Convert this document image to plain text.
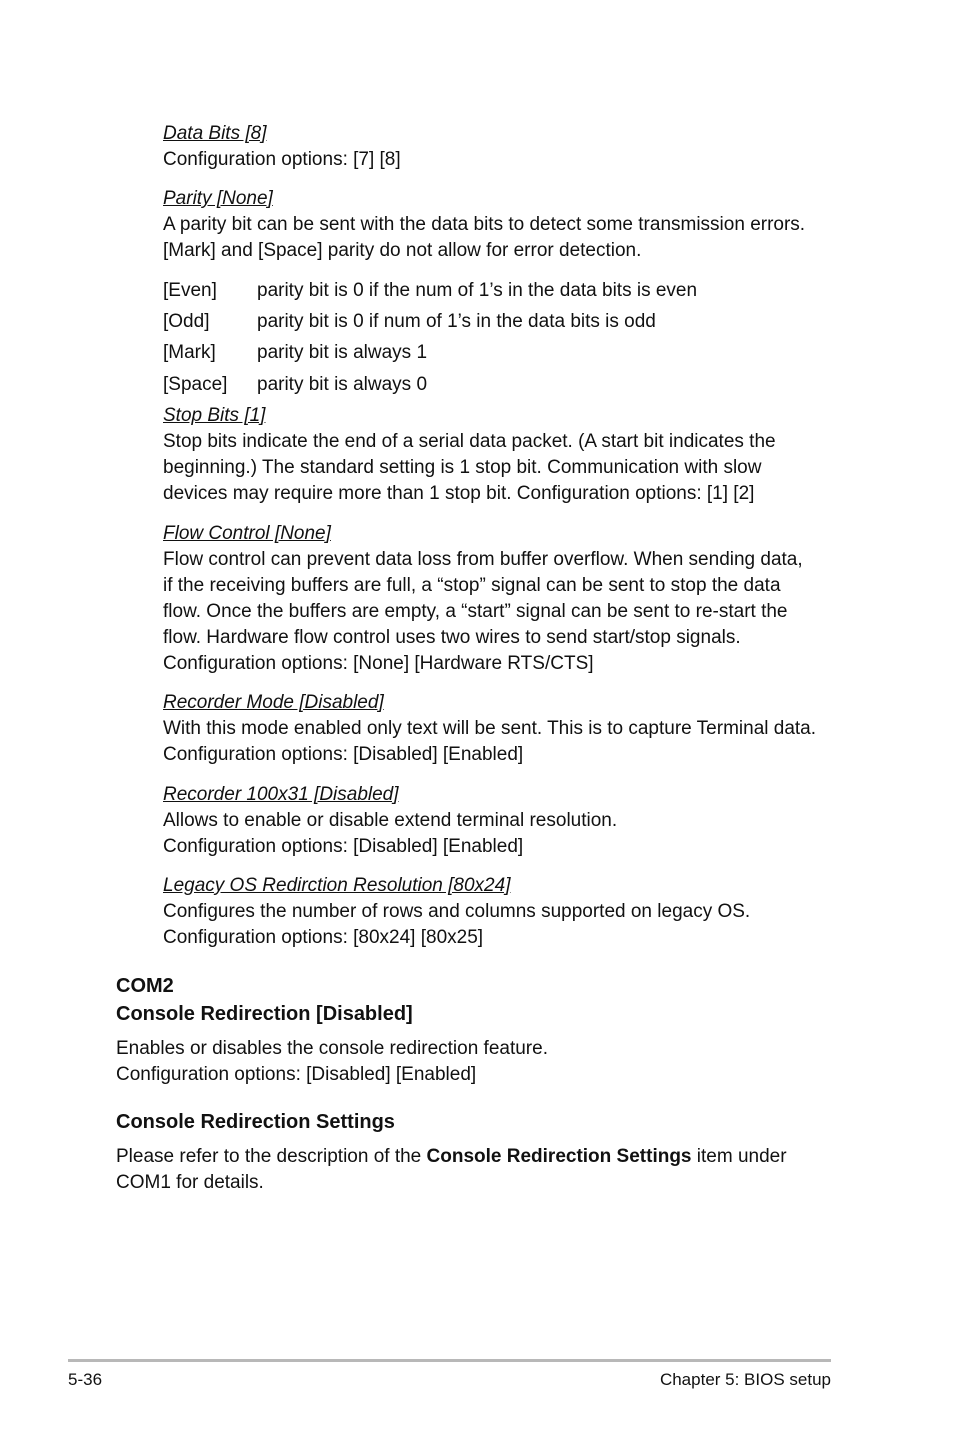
Data Bits [8]
Configuration options: [7] [8]
Parity [None]
A parity bit can be sent with the data bits to detect some transmission errors.
[Mark] and [Space] parity do not allow for error detection.
[Even] parity bit is 0 if the num of 1’s in the data bits is even
[Odd]	parity bit is 0 if num of 1’s in the data bits is odd
[Mark] parity bit is always 1
[Space] parity bit is always 0
Stop Bits [1]
Stop bits indicate the end of a serial data packet. (A start bit indicates the
beginning.) The standard setting is 1 stop bit. Communication with slow
devices may require more than 1 stop bit. Configuration options: [1] [2]
Flow Control [None]
Flow control can prevent data loss from buffer overflow. When sending data,
if the receiving buffers are full, a “stop” signal can be sent to stop the data
flow. Once the buffers are empty, a “start” signal can be sent to re-start the
flow. Hardware flow control uses two wires to send start/stop signals.
Configuration options: [None] [Hardware RTS/CTS]
Recorder Mode [Disabled]
With this mode enabled only text will be sent. This is to capture Terminal data.
Configuration options: [Disabled] [Enabled]
Recorder 100x31 [Disabled]
Allows to enable or disable extend terminal resolution.
Configuration options: [Disabled] [Enabled]
Legacy OS Redirction Resolution [80x24]
Configures the number of rows and columns supported on legacy OS.
Configuration options: [80x24] [80x25]
COM2
Console Redirection [Disabled]
Enables or disables the console redirection feature.
Configuration options: [Disabled] [Enabled]
Console Redirection Settings
Please refer to the description of the Console Redirection Settings item under
COM1 for details.
5-36	Chapter 5: BIOS setup
